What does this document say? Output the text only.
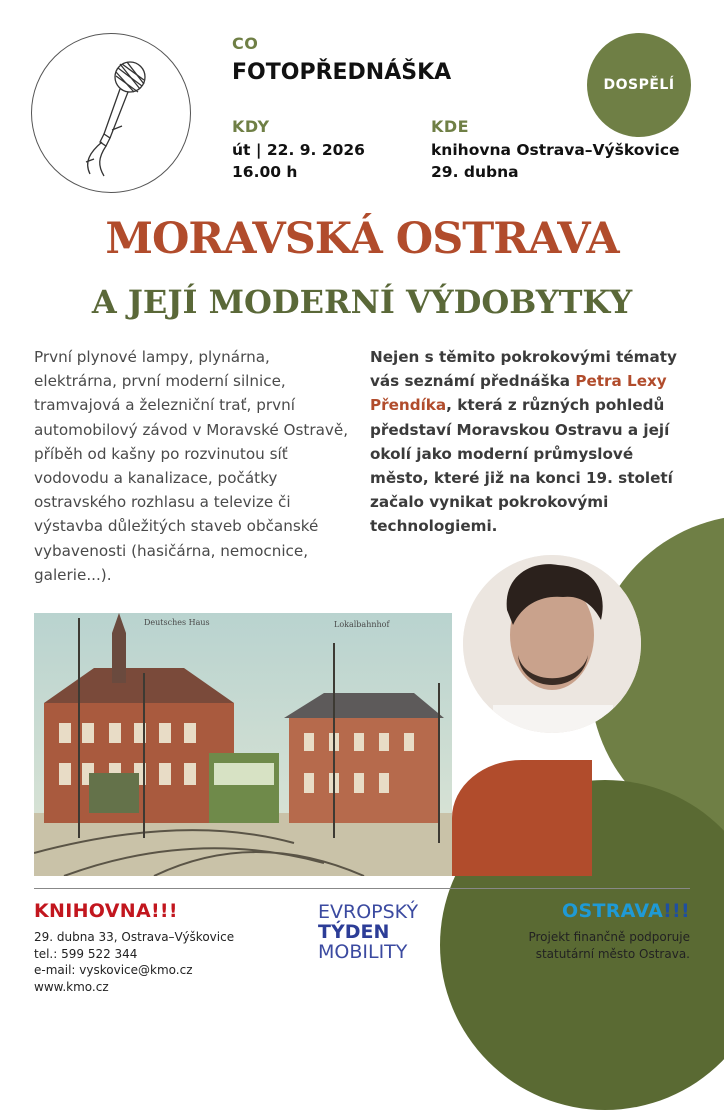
CO
FOTOPŘEDNÁŠKA
KDY
út | 22. 9. 2026
16.00 h
KDE
knihovna Ostrava–Výškovice
29. dubna
DOSPĚLÍ
MORAVSKÁ OSTRAVA
A JEJÍ MODERNÍ VÝDOBYTKY

První plynové lampy, plynárna, elektrárna, první moderní silnice, tramvajová a železniční trať, první automobilový závod v Moravské Ostravě, příběh od kašny po rozvinutou síť vodovodu a kanalizace, počátky ostravského rozhlasu a televize či výstavba důležitých staveb občanské vybavenosti (hasičárna, nemocnice, galerie...).

Nejen s těmito pokrokovými tématy vás seznámí přednáška Petra Lexy Přendíka, která z různých pohledů představí Moravskou Ostravu a její okolí jako moderní průmyslové město, které již na konci 19. století začalo vynikat pokrokovými technologiemi.

Deutsches Haus	Lokalbahnhof
KNIHOVNA!!!
29. dubna 33, Ostrava–Výškovice
tel.: 599 522 344
e-mail: vyskovice@kmo.cz
www.kmo.cz
EVROPSKÝ
TÝDEN
MOBILITY
OSTRAVA!!!
Projekt finančně podporuje
statutární město Ostrava.
